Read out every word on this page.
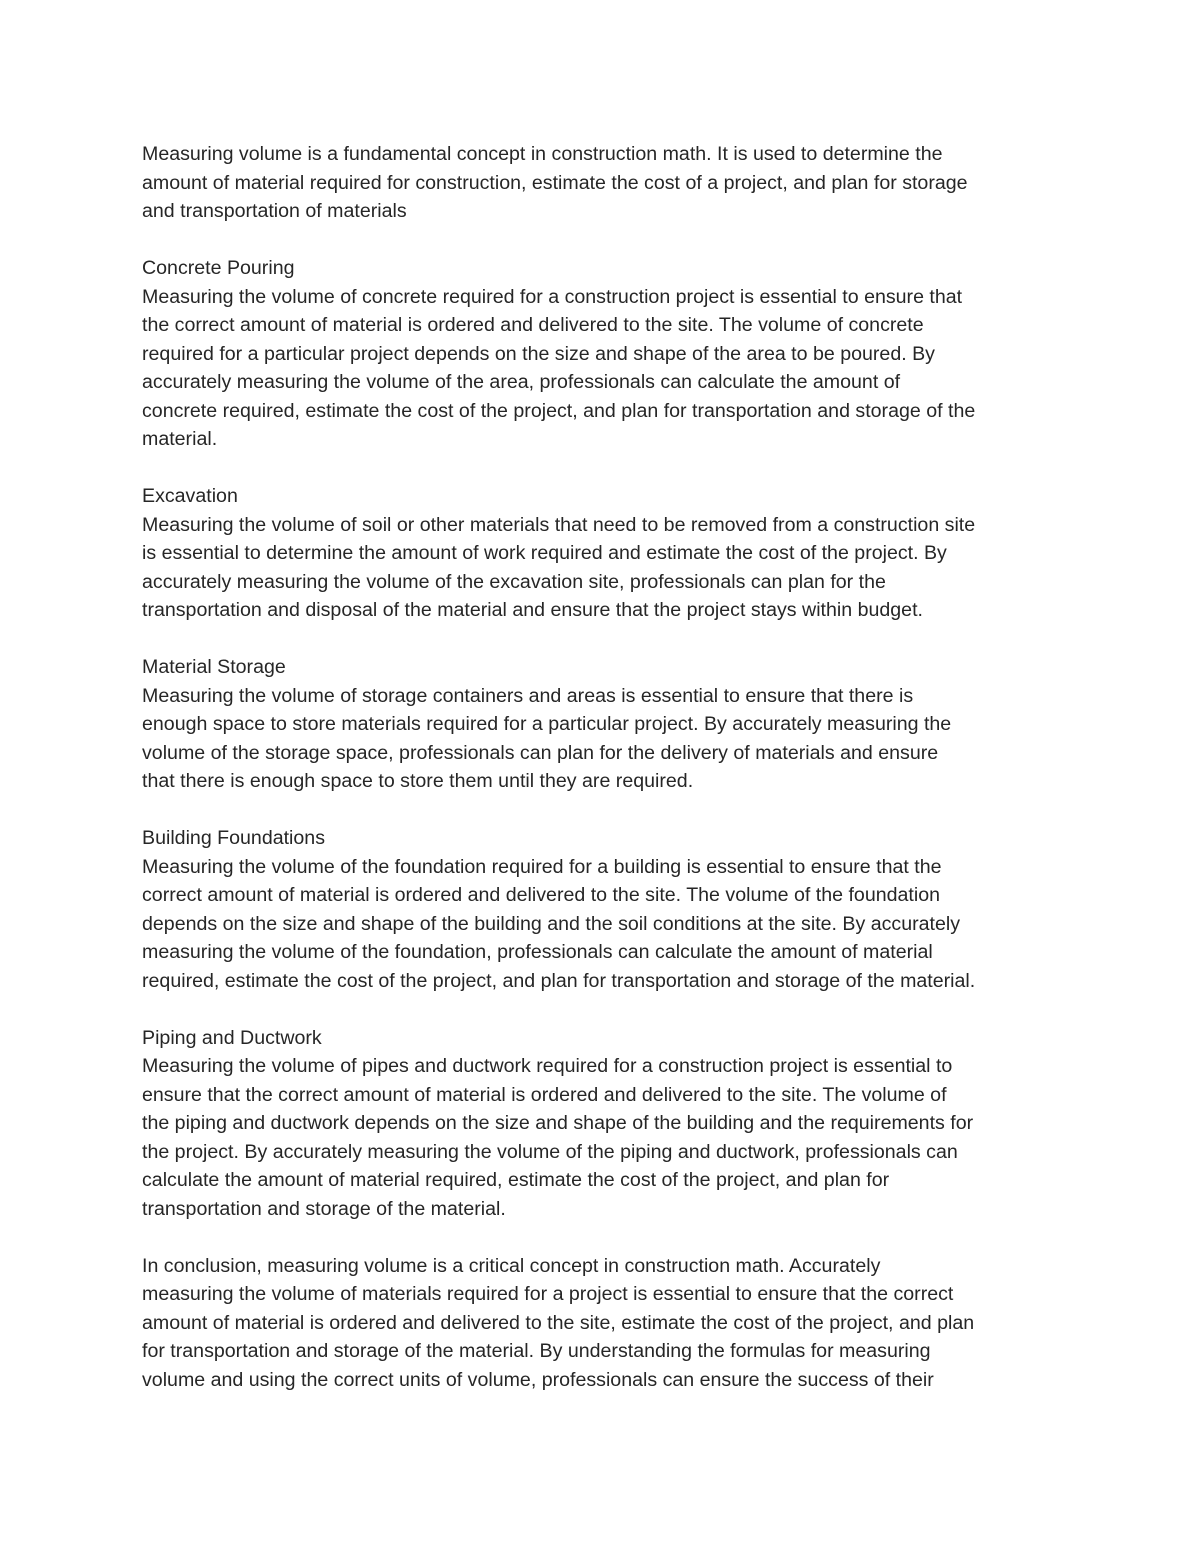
Measuring volume is a fundamental concept in construction math. It is used to determine the
amount of material required for construction, estimate the cost of a project, and plan for storage
and transportation of materials
Concrete Pouring
Measuring the volume of concrete required for a construction project is essential to ensure that
the correct amount of material is ordered and delivered to the site. The volume of concrete
required for a particular project depends on the size and shape of the area to be poured. By
accurately measuring the volume of the area, professionals can calculate the amount of
concrete required, estimate the cost of the project, and plan for transportation and storage of the
material.
Excavation
Measuring the volume of soil or other materials that need to be removed from a construction site
is essential to determine the amount of work required and estimate the cost of the project. By
accurately measuring the volume of the excavation site, professionals can plan for the
transportation and disposal of the material and ensure that the project stays within budget.
Material Storage
Measuring the volume of storage containers and areas is essential to ensure that there is
enough space to store materials required for a particular project. By accurately measuring the
volume of the storage space, professionals can plan for the delivery of materials and ensure
that there is enough space to store them until they are required.
Building Foundations
Measuring the volume of the foundation required for a building is essential to ensure that the
correct amount of material is ordered and delivered to the site. The volume of the foundation
depends on the size and shape of the building and the soil conditions at the site. By accurately
measuring the volume of the foundation, professionals can calculate the amount of material
required, estimate the cost of the project, and plan for transportation and storage of the material.
Piping and Ductwork
Measuring the volume of pipes and ductwork required for a construction project is essential to
ensure that the correct amount of material is ordered and delivered to the site. The volume of
the piping and ductwork depends on the size and shape of the building and the requirements for
the project. By accurately measuring the volume of the piping and ductwork, professionals can
calculate the amount of material required, estimate the cost of the project, and plan for
transportation and storage of the material.
In conclusion, measuring volume is a critical concept in construction math. Accurately
measuring the volume of materials required for a project is essential to ensure that the correct
amount of material is ordered and delivered to the site, estimate the cost of the project, and plan
for transportation and storage of the material. By understanding the formulas for measuring
volume and using the correct units of volume, professionals can ensure the success of their
